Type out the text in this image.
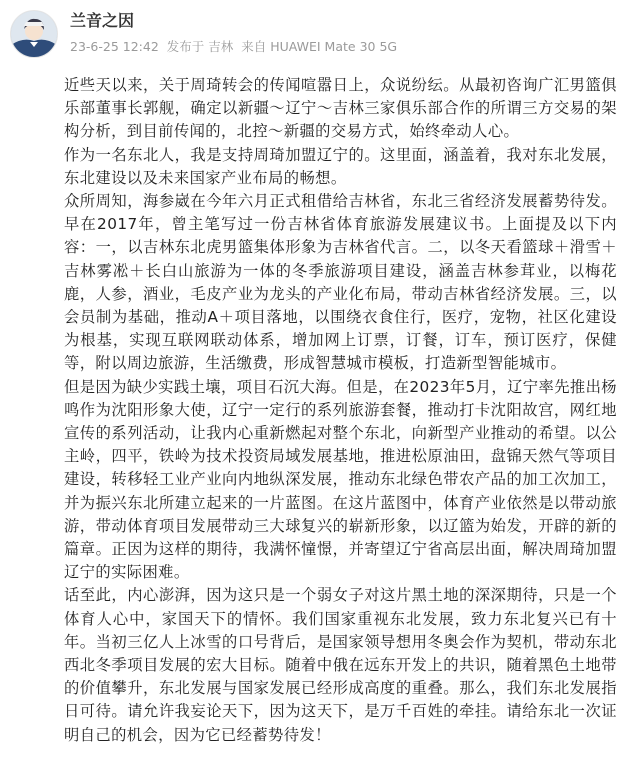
兰音之因
23-6-25 12:42 发布于 吉林 来自 HUAWEI Mate 30 5G

近些天以来，关于周琦转会的传闻喧嚣日上，众说纷纭。从最初咨询广汇男篮俱乐部董事长郭舰，确定以新疆～辽宁～吉林三家俱乐部合作的所谓三方交易的架构分析，到目前传闻的，北控～新疆的交易方式，始终牵动人心。

作为一名东北人，我是支持周琦加盟辽宁的。这里面，涵盖着，我对东北发展，东北建设以及未来国家产业布局的畅想。

众所周知，海参崴在今年六月正式租借给吉林省，东北三省经济发展蓄势待发。早在2017年，曾主笔写过一份吉林省体育旅游发展建议书。上面提及以下内容：一，以吉林东北虎男篮集体形象为吉林省代言。二，以冬天看篮球＋滑雪＋吉林雾凇＋长白山旅游为一体的冬季旅游项目建设，涵盖吉林参茸业，以梅花鹿，人参，酒业，毛皮产业为龙头的产业化布局，带动吉林省经济发展。三，以会员制为基础，推动A＋项目落地，以围绕衣食住行，医疗，宠物，社区化建设为根基，实现互联网联动体系，增加网上订票，订餐，订车，预订医疗，保健等，附以周边旅游，生活缴费，形成智慧城市模板，打造新型智能城市。

但是因为缺少实践土壤，项目石沉大海。但是，在2023年5月，辽宁率先推出杨鸣作为沈阳形象大使，辽宁一定行的系列旅游套餐，推动打卡沈阳故宫，网红地宣传的系列活动，让我内心重新燃起对整个东北，向新型产业推动的希望。以公主岭，四平，铁岭为技术投资局域发展基地，推进松原油田，盘锦天然气等项目建设，转移轻工业产业向内地纵深发展，推动东北绿色带农产品的加工次加工，并为振兴东北所建立起来的一片蓝图。在这片蓝图中，体育产业依然是以带动旅游，带动体育项目发展带动三大球复兴的崭新形象，以辽篮为始发，开辟的新的篇章。正因为这样的期待，我满怀憧憬，并寄望辽宁省高层出面，解决周琦加盟辽宁的实际困难。

话至此，内心澎湃，因为这只是一个弱女子对这片黑土地的深深期待，只是一个体育人心中，家国天下的情怀。我们国家重视东北发展，致力东北复兴已有十年。当初三亿人上冰雪的口号背后，是国家领导想用冬奥会作为契机，带动东北西北冬季项目发展的宏大目标。随着中俄在远东开发上的共识，随着黑色土地带的价值攀升，东北发展与国家发展已经形成高度的重叠。那么，我们东北发展指日可待。请允许我妄论天下，因为这天下，是万千百姓的牵挂。请给东北一次证明自己的机会，因为它已经蓄势待发！
